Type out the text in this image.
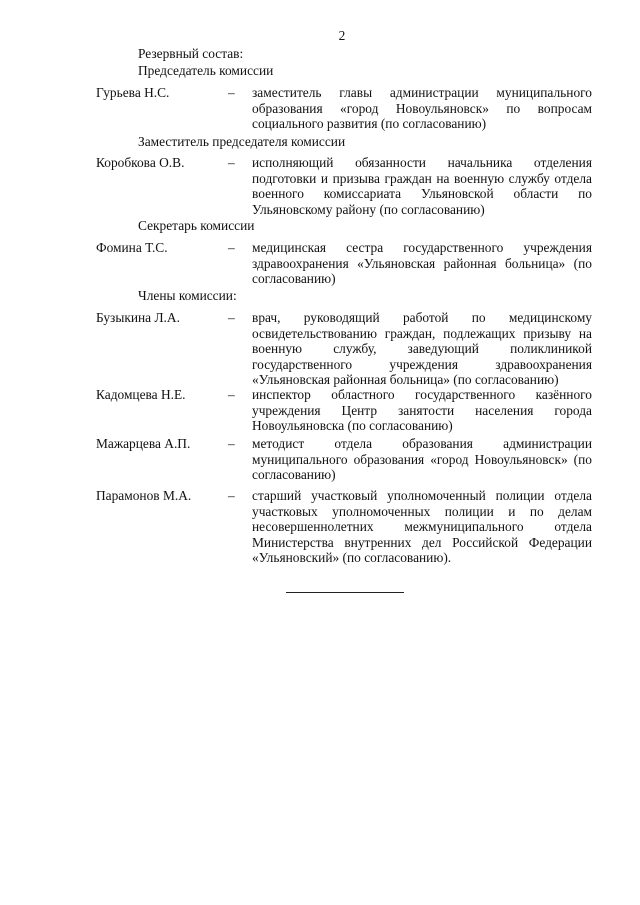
2
Резервный состав:
Председатель комиссии
Гурьева Н.С.	– заместитель главы администрации муниципального образования «город Новоульяновск» по вопросам социального развития (по согласованию)
Заместитель председателя комиссии
Коробкова О.В.	– исполняющий обязанности начальника отделения подготовки и призыва граждан на военную службу отдела военного комиссариата Ульяновской области по Ульяновскому району (по согласованию)
Секретарь комиссии
Фомина Т.С.	– медицинская сестра государственного учреждения здравоохранения «Ульяновская районная больница» (по согласованию)
Члены комиссии:
Бузыкина Л.А.	– врач, руководящий работой по медицинскому освидетельствованию граждан, подлежащих призыву на военную службу, заведующий поликлиникой государственного учреждения здравоохранения «Ульяновская районная больница» (по согласованию)
Кадомцева Н.Е.	– инспектор областного государственного казённого учреждения Центр занятости населения города Новоульяновска (по согласованию)
Мажарцева А.П.	– методист отдела образования администрации муниципального образования «город Новоульяновск» (по согласованию)
Парамонов М.А.	– старший участковый уполномоченный полиции отдела участковых уполномоченных полиции и по делам несовершеннолетних межмуниципального отдела Министерства внутренних дел Российской Федерации «Ульяновский» (по согласованию).
